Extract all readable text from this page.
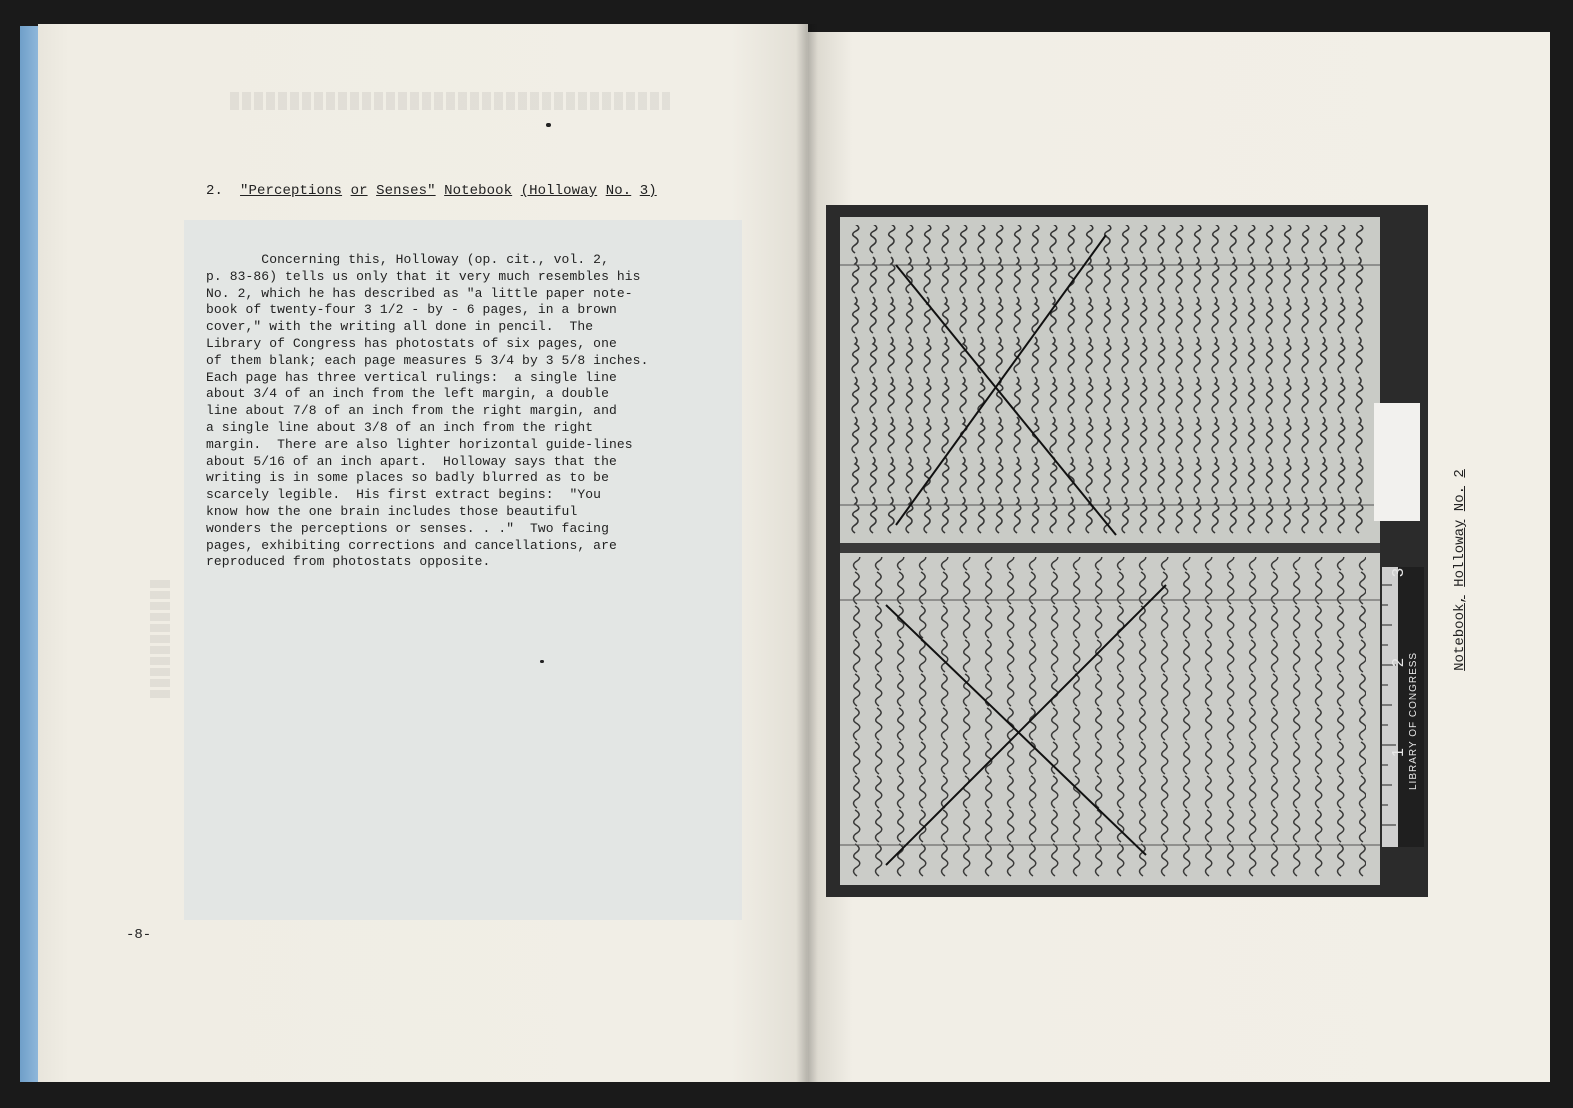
2. "Perceptions or Senses" Notebook (Holloway No. 3)
Concerning this, Holloway (op. cit., vol. 2,
p. 83-86) tells us only that it very much resembles his
No. 2, which he has described as "a little paper note-
book of twenty-four 3 1/2 - by - 6 pages, in a brown
cover," with the writing all done in pencil.  The
Library of Congress has photostats of six pages, one
of them blank; each page measures 5 3/4 by 3 5/8 inches.
Each page has three vertical rulings:  a single line
about 3/4 of an inch from the left margin, a double
line about 7/8 of an inch from the right margin, and
a single line about 3/8 of an inch from the right
margin.  There are also lighter horizontal guide-lines
about 5/16 of an inch apart.  Holloway says that the
writing is in some places so badly blurred as to be
scarcely legible.  His first extract begins:  "You
know how the one brain includes those beautiful
wonders the perceptions or senses. . ."  Two facing
pages, exhibiting corrections and cancellations, are
reproduced from photostats opposite.
-8-
3
2
1 LIBRARY OF CONGRESS
Notebook, Holloway No. 2
